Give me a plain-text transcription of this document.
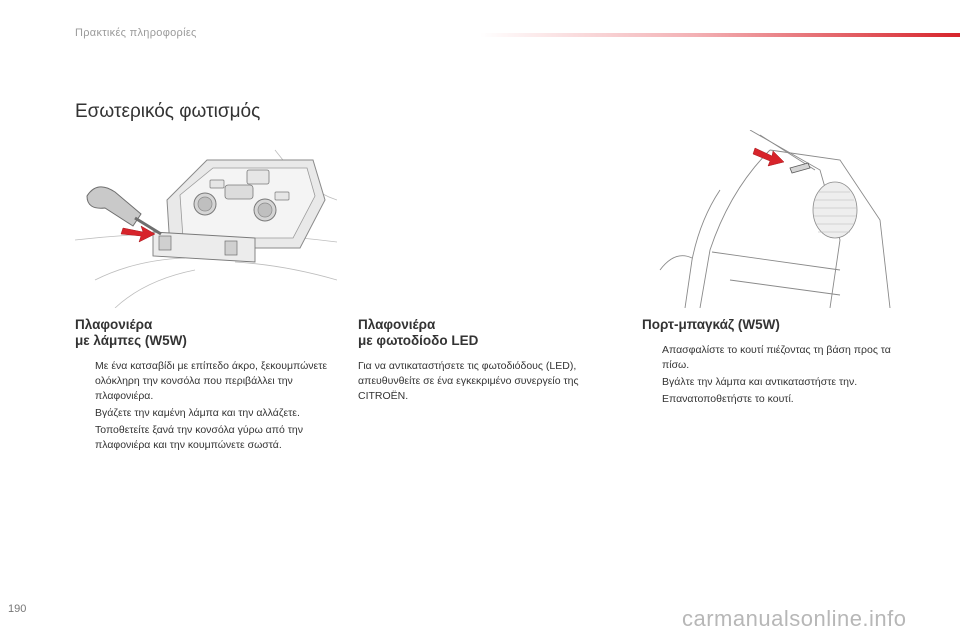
Πρακτικές πληροφορίες
Εσωτερικός φωτισμός
Πλαφονιέρα
με λάμπες (W5W)
Με ένα κατσαβίδι με επίπεδο άκρο, ξεκουμπώνετε ολόκληρη την κονσόλα που περιβάλλει την πλαφονιέρα.
Βγάζετε την καμένη λάμπα και την αλλάζετε.
Τοποθετείτε ξανά την κονσόλα γύρω από την πλαφονιέρα και την κουμπώνετε σωστά.
Πλαφονιέρα
με φωτοδίοδο LED

Για να αντικαταστήσετε τις φωτοδιόδους (LED), απευθυνθείτε σε ένα εγκεκριμένο συνεργείο της CITROËN.

Πορτ-μπαγκάζ (W5W)
Απασφαλίστε το κουτί πιέζοντας τη βάση προς τα πίσω.
Βγάλτε την λάμπα και αντικαταστήστε την.
Επανατοποθετήστε το κουτί.
190	carmanualsonline.info
